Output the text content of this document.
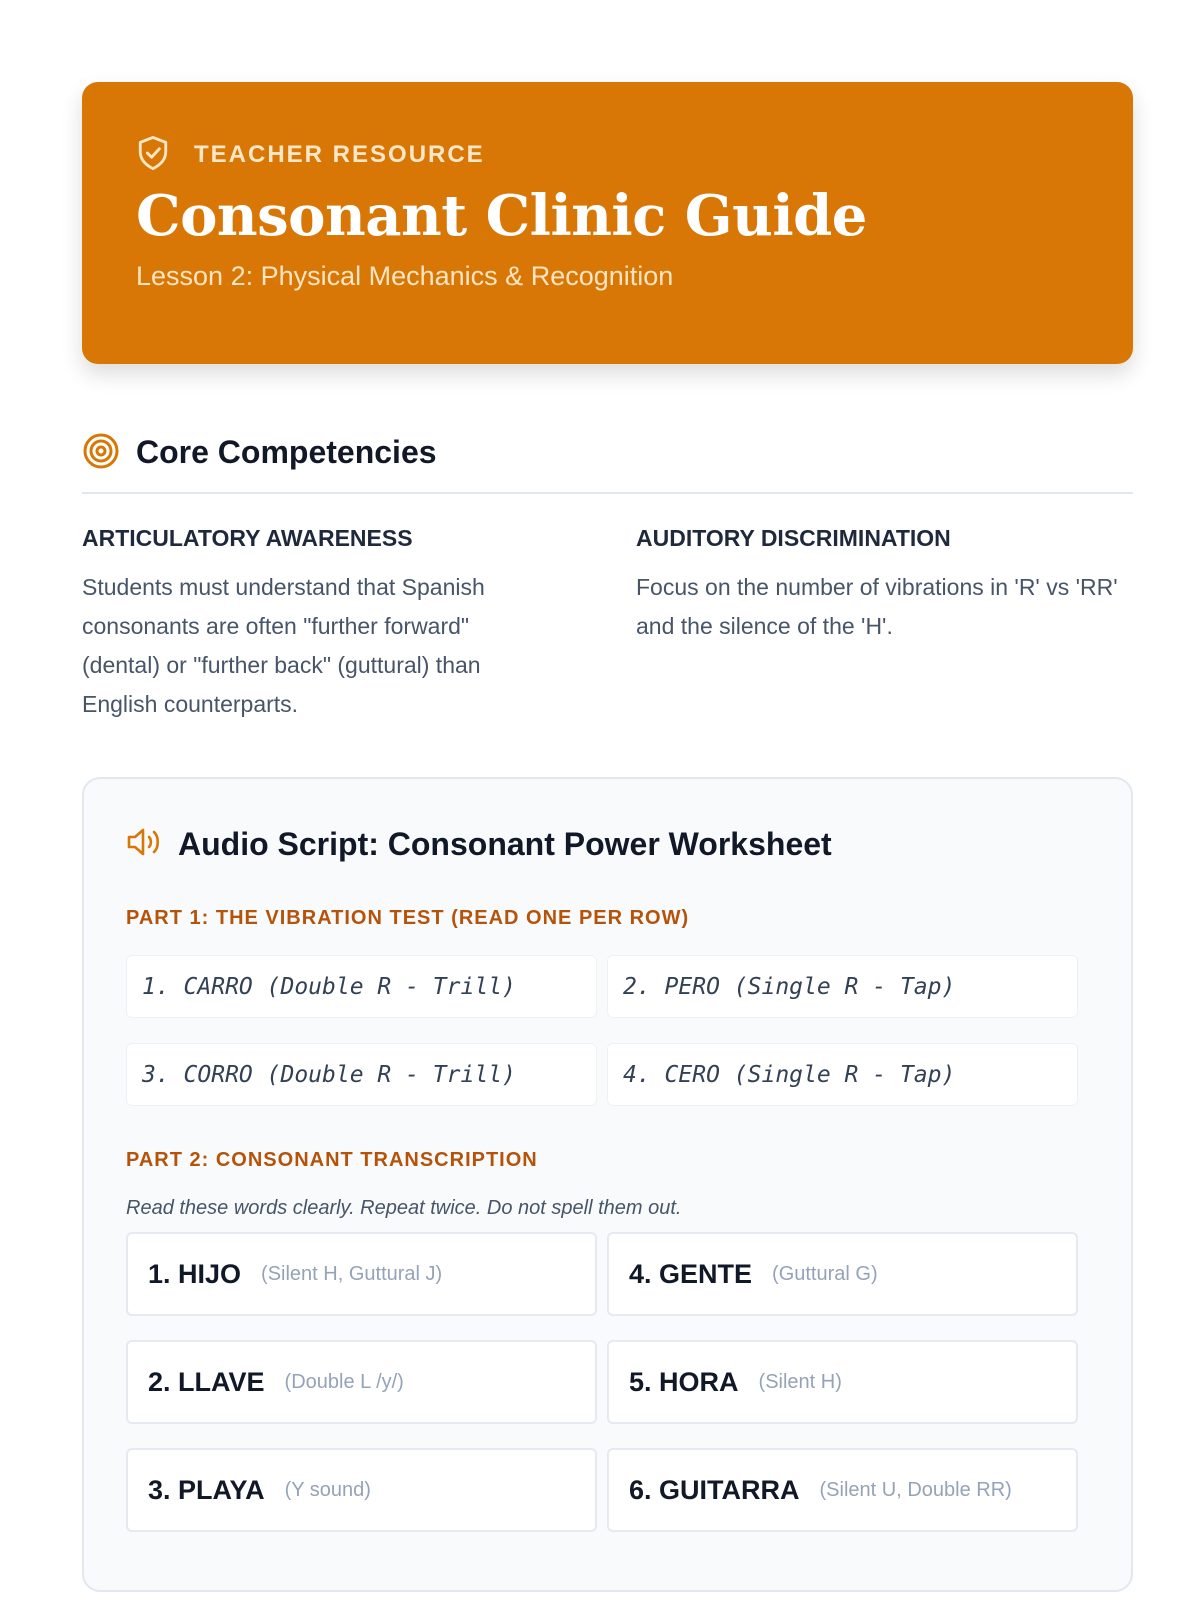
TEACHER RESOURCE
Consonant Clinic Guide
Lesson 2: Physical Mechanics & Recognition
Core Competencies
ARTICULATORY AWARENESS
Students must understand that Spanish consonants are often "further forward" (dental) or "further back" (guttural) than English counterparts.
AUDITORY DISCRIMINATION
Focus on the number of vibrations in 'R' vs 'RR' and the silence of the 'H'.
Audio Script: Consonant Power Worksheet
PART 1: THE VIBRATION TEST (READ ONE PER ROW)
1. CARRO (Double R - Trill)	2. PERO (Single R - Tap)
3. CORRO (Double R - Trill)	4. CERO (Single R - Tap)
PART 2: CONSONANT TRANSCRIPTION
Read these words clearly. Repeat twice. Do not spell them out.
1. HIJO (Silent H, Guttural J)	4. GENTE (Guttural G)
2. LLAVE (Double L /y/)	5. HORA (Silent H)
3. PLAYA (Y sound)	6. GUITARRA (Silent U, Double RR)
